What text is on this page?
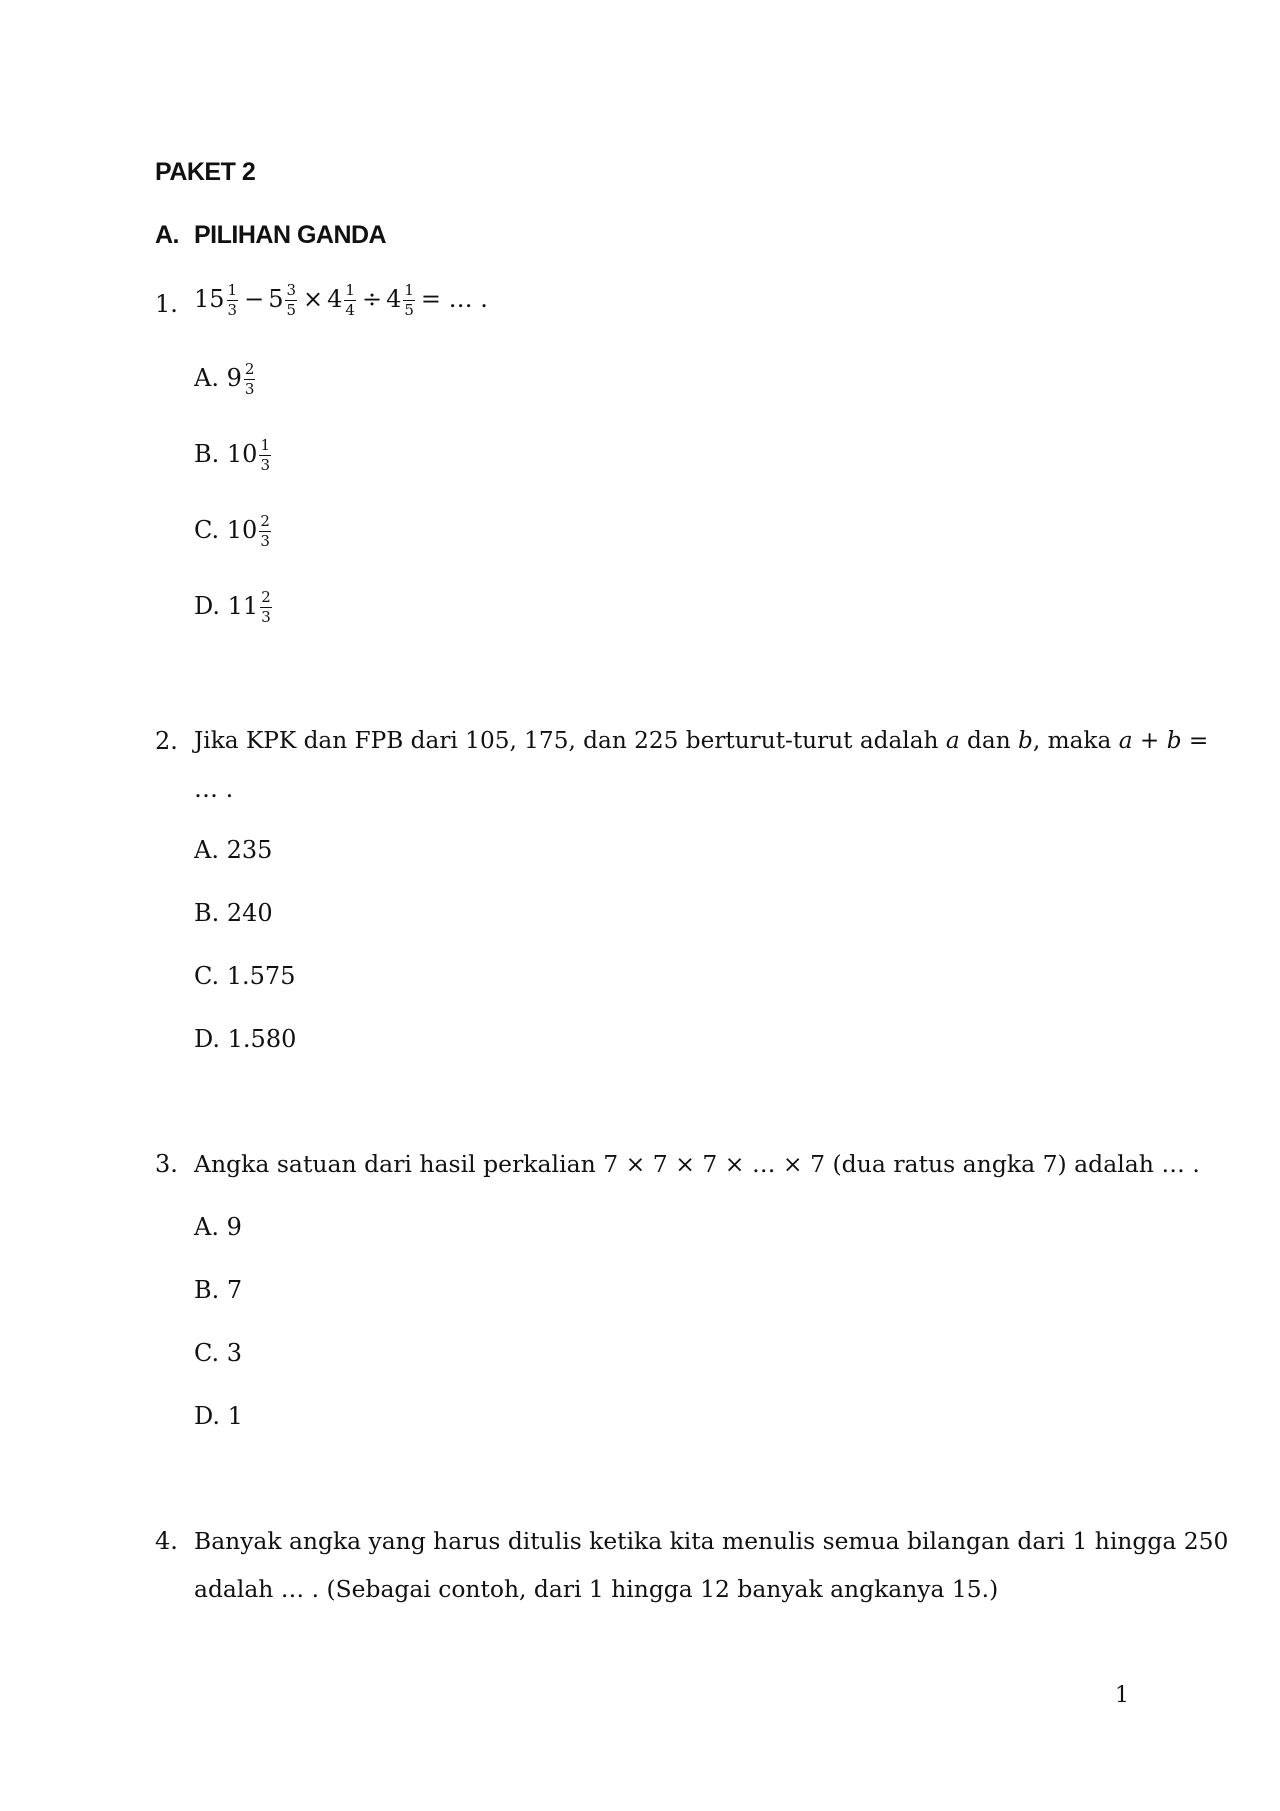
PAKET 2
A. PILIHAN GANDA
1. $15 \frac{1}{3} - 5 \frac{3}{5} \times 4 \frac{1}{4} \div 4 \frac{1}{5}$ = … .
A. $9 \frac{2}{3}$
B. $10 \frac{1}{3}$
C. $10 \frac{2}{3}$
D. $11 \frac{2}{3}$
2. Jika KPK dan FPB dari 105, 175, dan 225 berturut-turut adalah a dan b, maka a + b =
… .
A. 235
B. 240
C. 1.575
D. 1.580
3. Angka satuan dari hasil perkalian 7 × 7 × 7 × … × 7 (dua ratus angka 7) adalah … .
A. 9
B. 7
C. 3
D. 1
4. Banyak angka yang harus ditulis ketika kita menulis semua bilangan dari 1 hingga 250
adalah … . (Sebagai contoh, dari 1 hingga 12 banyak angkanya 15.)
1
